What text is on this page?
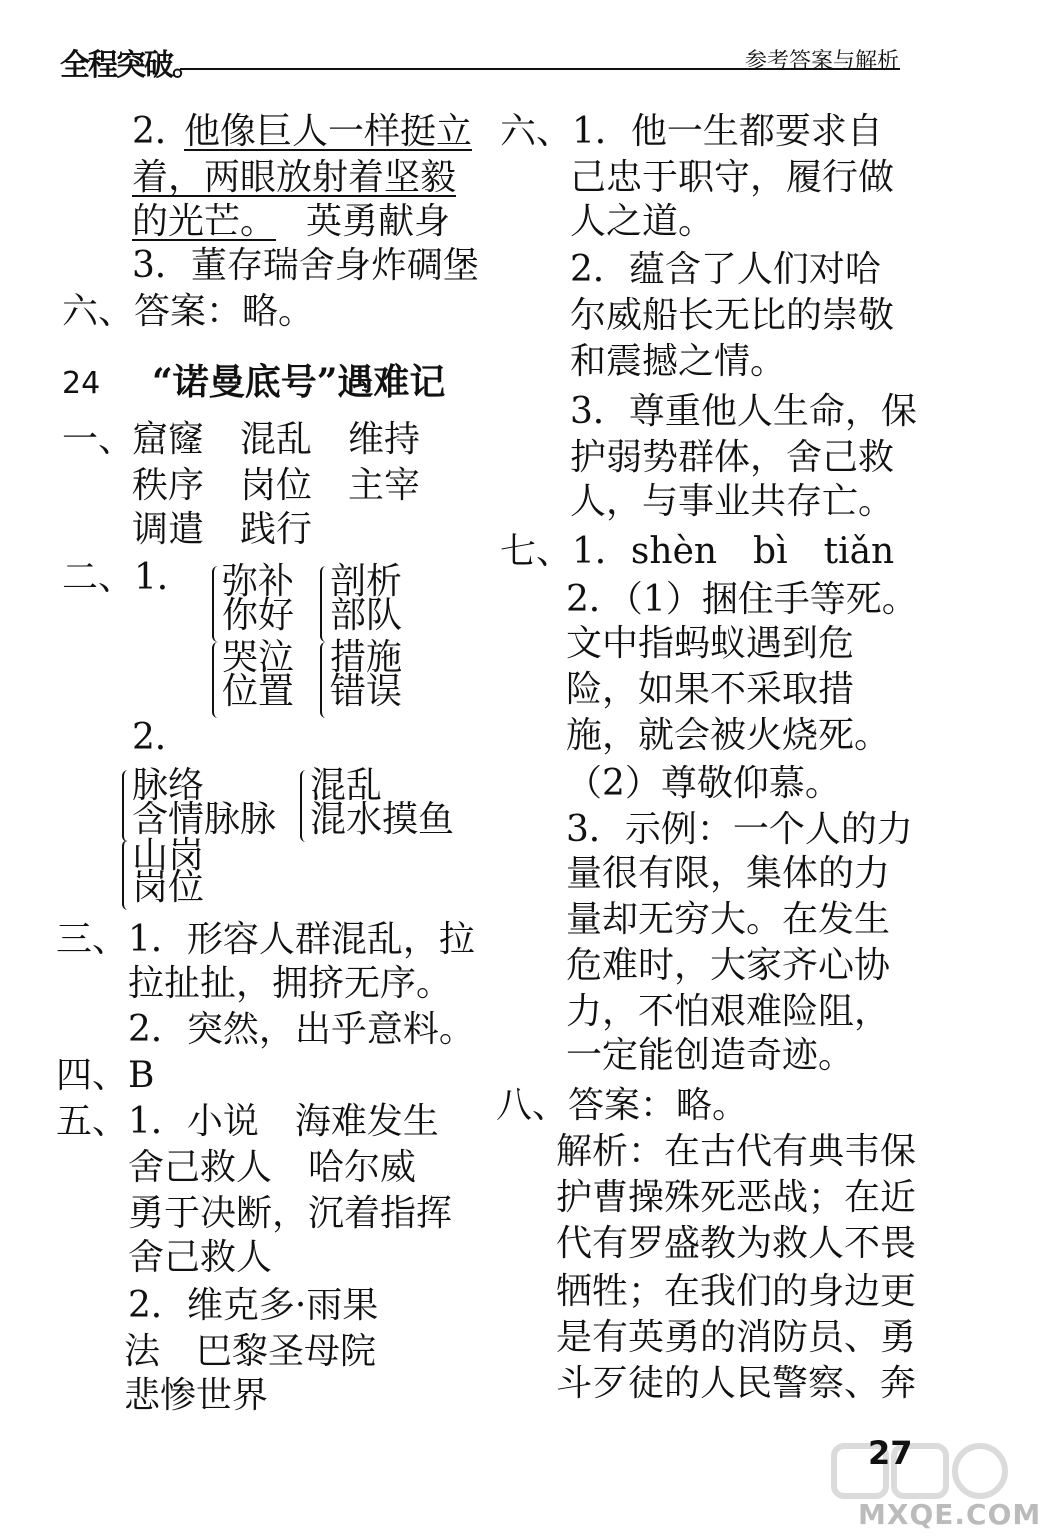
全程突破。	参考答案与解析
2．
他像巨人一样挺立
着，两眼放射着坚毅
的光芒。 英勇献身
3．董存瑞舍身炸碉堡
六、答案：略。
24 “诺曼底号”遇难记
一、
窟窿　混乱　维持
秩序　岗位　主宰
调遣　践行
二、1． 弥补
你好
剖析
部队
哭泣
位置
措施
错误
2．
脉络
含情脉脉
混乱
混水摸鱼
山岗
岗位
三、1．形容人群混乱，拉
拉扯扯，拥挤无序。
2．突然，出乎意料。
四、B
五、1．小说　海难发生
舍己救人　哈尔威
勇于决断，沉着指挥
舍己救人
2．维克多·雨果
法　巴黎圣母院
悲惨世界
六、1．他一生都要求自
己忠于职守，履行做
人之道。
2．蕴含了人们对哈
尔威船长无比的崇敬
和震撼之情。
3．尊重他人生命，保
护弱势群体，舍己救
人，与事业共存亡。
七、1．shèn　bì　tiǎn
2．（1）捆住手等死。
文中指蚂蚁遇到危
险，如果不采取措
施，就会被火烧死。
（2）尊敬仰慕。
3．示例：一个人的力
量很有限，集体的力
量却无穷大。在发生
危难时，大家齐心协
力，不怕艰难险阻，
一定能创造奇迹。
八、答案：略。
解析：在古代有典韦保
护曹操殊死恶战；在近
代有罗盛教为救人不畏
牺牲；在我们的身边更
是有英勇的消防员、勇
斗歹徒的人民警察、奔
27
MXQE.COM
